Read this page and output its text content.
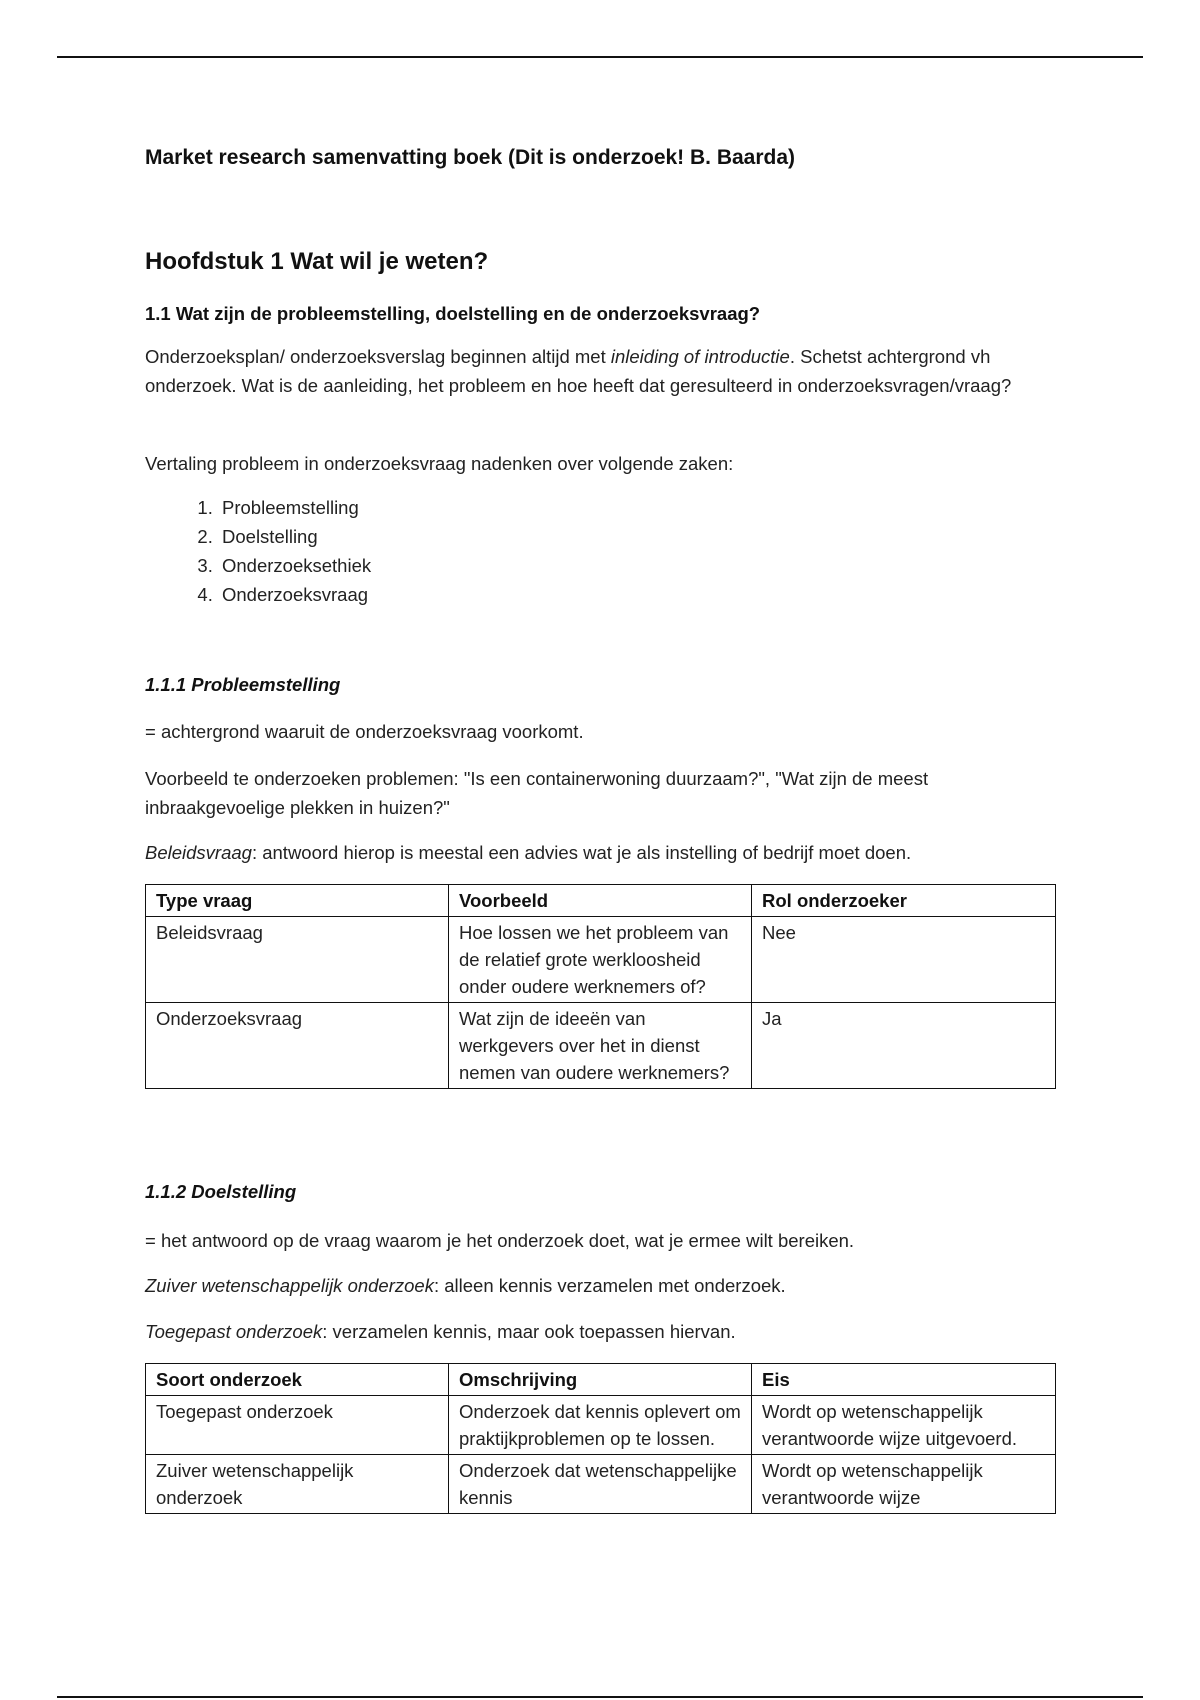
Market research samenvatting boek (Dit is onderzoek! B. Baarda)
Hoofdstuk 1 Wat wil je weten?
1.1 Wat zijn de probleemstelling, doelstelling en de onderzoeksvraag?

Onderzoeksplan/ onderzoeksverslag beginnen altijd met inleiding of introductie. Schetst achtergrond vh onderzoek. Wat is de aanleiding, het probleem en hoe heeft dat geresulteerd in onderzoeksvragen/vraag?

Vertaling probleem in onderzoeksvraag nadenken over volgende zaken:

1. Probleemstelling
2. Doelstelling
3. Onderzoeksethiek
4. Onderzoeksvraag
1.1.1 Probleemstelling

= achtergrond waaruit de onderzoeksvraag voorkomt.

Voorbeeld te onderzoeken problemen: "Is een containerwoning duurzaam?", "Wat zijn de meest inbraakgevoelige plekken in huizen?"

Beleidsvraag: antwoord hierop is meestal een advies wat je als instelling of bedrijf moet doen.

Type vraag	Voorbeeld	Rol onderzoeker
Beleidsvraag	Hoe lossen we het probleem van de relatief grote werkloosheid onder oudere werknemers of?	Nee
Onderzoeksvraag	Wat zijn de ideeën van werkgevers over het in dienst nemen van oudere werknemers?	Ja
1.1.2 Doelstelling

= het antwoord op de vraag waarom je het onderzoek doet, wat je ermee wilt bereiken.

Zuiver wetenschappelijk onderzoek: alleen kennis verzamelen met onderzoek.

Toegepast onderzoek: verzamelen kennis, maar ook toepassen hiervan.

Soort onderzoek	Omschrijving	Eis
Toegepast onderzoek	Onderzoek dat kennis oplevert om praktijkproblemen op te lossen.	Wordt op wetenschappelijk verantwoorde wijze uitgevoerd.
Zuiver wetenschappelijk onderzoek	Onderzoek dat wetenschappelijke kennis	Wordt op wetenschappelijk verantwoorde wijze
